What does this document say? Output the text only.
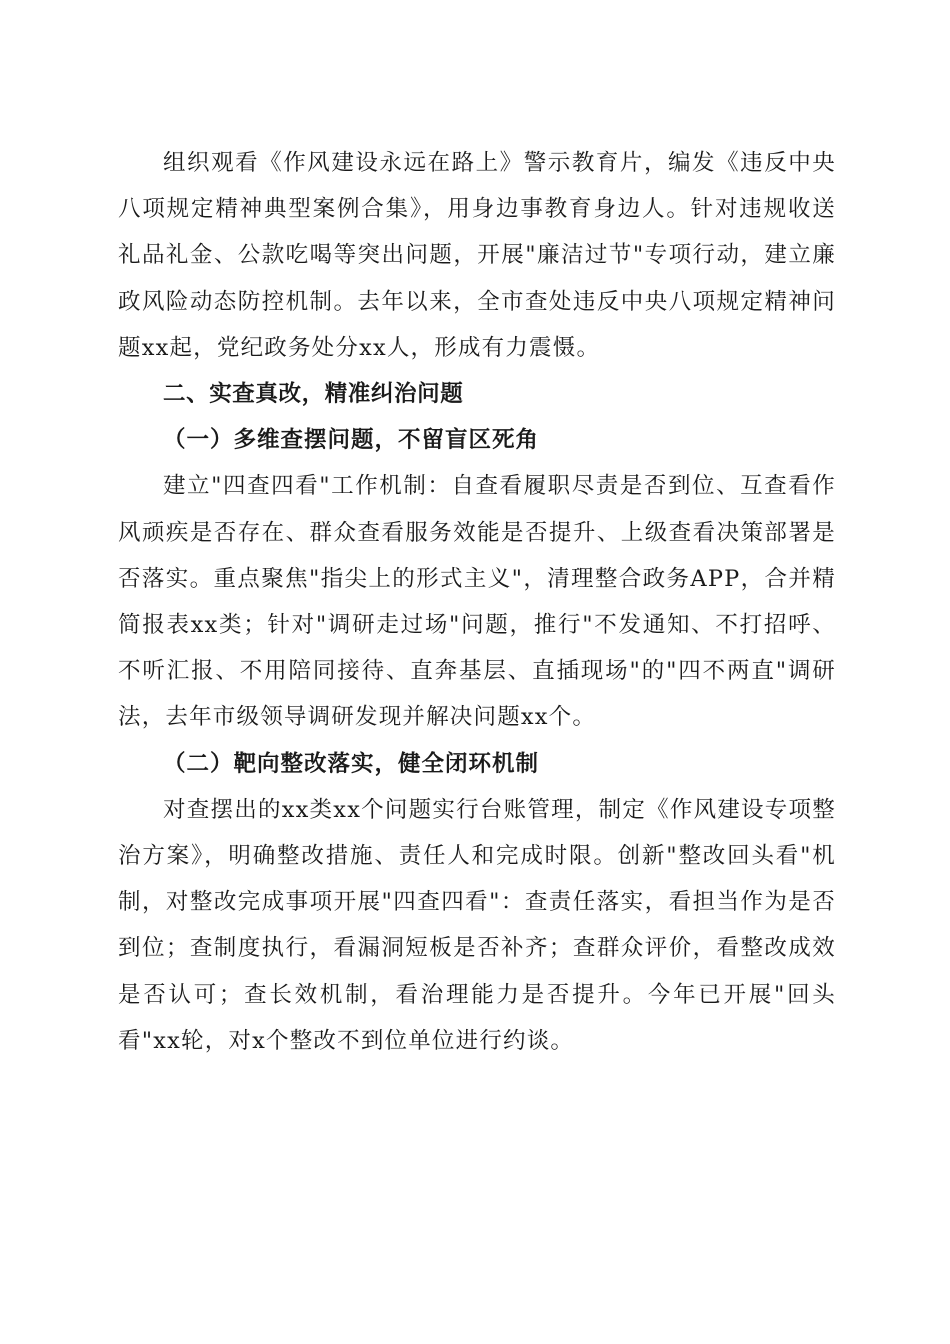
组织观看《作风建设永远在路上》警示教育片，编发《违反中央八项规定精神典型案例合集》，用身边事教育身边人。针对违规收送礼品礼金、公款吃喝等突出问题，开展"廉洁过节"专项行动，建立廉政风险动态防控机制。去年以来，全市查处违反中央八项规定精神问题xx起，党纪政务处分xx人，形成有力震慑。

二、实查真改，精准纠治问题

（一）多维查摆问题，不留盲区死角

建立"四查四看"工作机制：自查看履职尽责是否到位、互查看作风顽疾是否存在、群众查看服务效能是否提升、上级查看决策部署是否落实。重点聚焦"指尖上的形式主义"，清理整合政务APP，合并精简报表xx类；针对"调研走过场"问题，推行"不发通知、不打招呼、不听汇报、不用陪同接待、直奔基层、直插现场"的"四不两直"调研法，去年市级领导调研发现并解决问题xx个。

（二）靶向整改落实，健全闭环机制

对查摆出的xx类xx个问题实行台账管理，制定《作风建设专项整治方案》，明确整改措施、责任人和完成时限。创新"整改回头看"机制，对整改完成事项开展"四查四看"：查责任落实，看担当作为是否到位；查制度执行，看漏洞短板是否补齐；查群众评价，看整改成效是否认可；查长效机制，看治理能力是否提升。今年已开展"回头看"xx轮，对x个整改不到位单位进行约谈。
